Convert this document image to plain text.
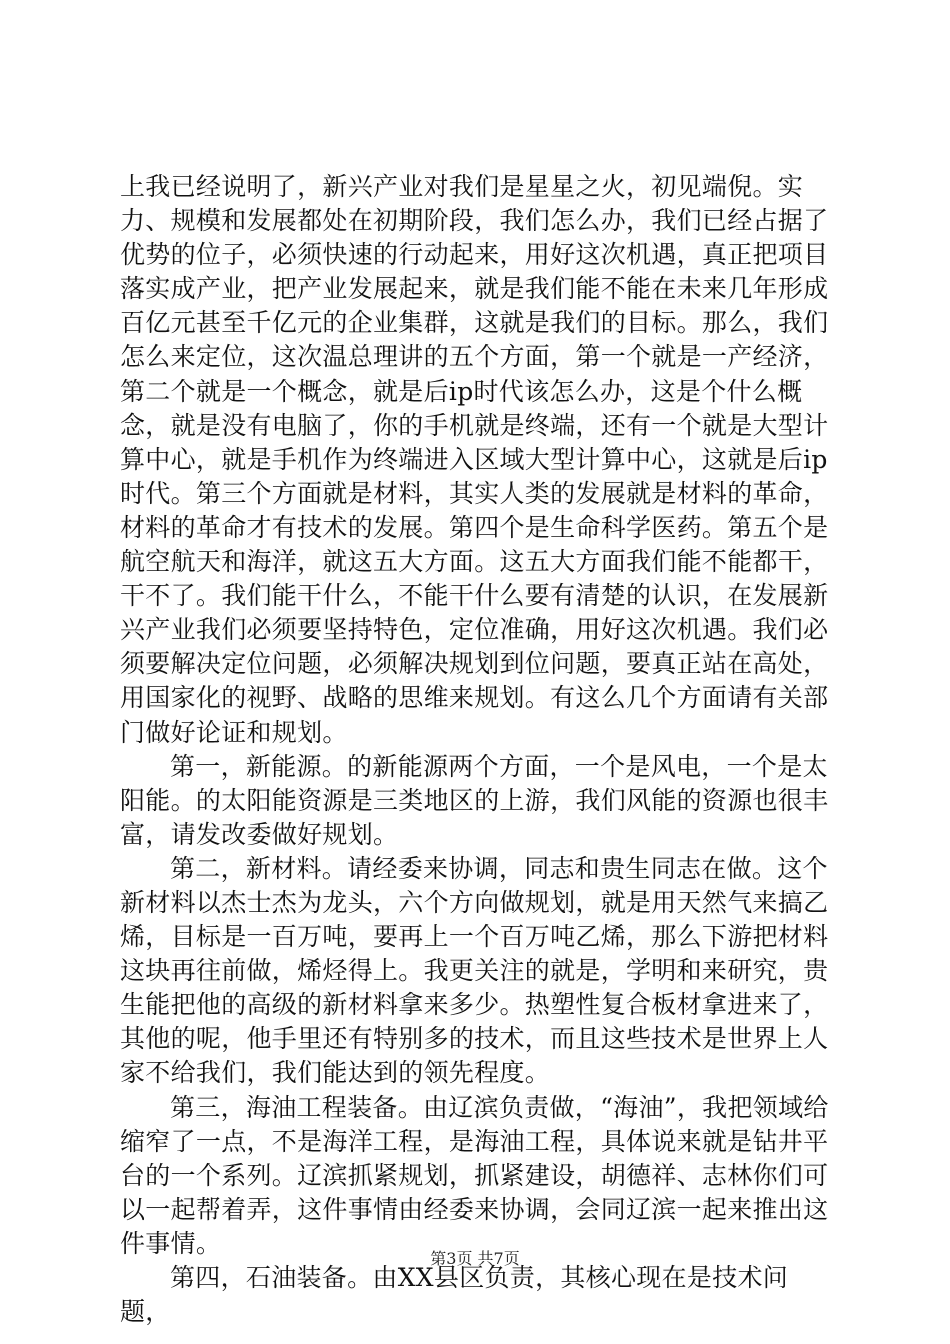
上我已经说明了，新兴产业对我们是星星之火，初见端倪。实力、规模和发展都处在初期阶段，我们怎么办，我们已经占据了优势的位子，必须快速的行动起来，用好这次机遇，真正把项目落实成产业，把产业发展起来，就是我们能不能在未来几年形成百亿元甚至千亿元的企业集群，这就是我们的目标。那么，我们怎么来定位，这次温总理讲的五个方面，第一个就是一产经济，第二个就是一个概念，就是后ip时代该怎么办，这是个什么概念，就是没有电脑了，你的手机就是终端，还有一个就是大型计算中心，就是手机作为终端进入区域大型计算中心，这就是后ip时代。第三个方面就是材料，其实人类的发展就是材料的革命，材料的革命才有技术的发展。第四个是生命科学医药。第五个是航空航天和海洋，就这五大方面。这五大方面我们能不能都干，干不了。我们能干什么，不能干什么要有清楚的认识，在发展新兴产业我们必须要坚持特色，定位准确，用好这次机遇。我们必须要解决定位问题，必须解决规划到位问题，要真正站在高处，用国家化的视野、战略的思维来规划。有这么几个方面请有关部门做好论证和规划。

第一，新能源。的新能源两个方面，一个是风电，一个是太阳能。的太阳能资源是三类地区的上游，我们风能的资源也很丰富，请发改委做好规划。

第二，新材料。请经委来协调，同志和贵生同志在做。这个新材料以杰士杰为龙头，六个方向做规划，就是用天然气来搞乙烯，目标是一百万吨，要再上一个百万吨乙烯，那么下游把材料这块再往前做，烯烃得上。我更关注的就是，学明和来研究，贵生能把他的高级的新材料拿来多少。热塑性复合板材拿进来了，其他的呢，他手里还有特别多的技术，而且这些技术是世界上人家不给我们，我们能达到的领先程度。

第三，海油工程装备。由辽滨负责做，“海油”，我把领域给缩窄了一点，不是海洋工程，是海油工程，具体说来就是钻井平台的一个系列。辽滨抓紧规划，抓紧建设，胡德祥、志林你们可以一起帮着弄，这件事情由经委来协调，会同辽滨一起来推出这件事情。

第四，石油装备。由XX县区负责，其核心现在是技术问题，

第3页 共7页
